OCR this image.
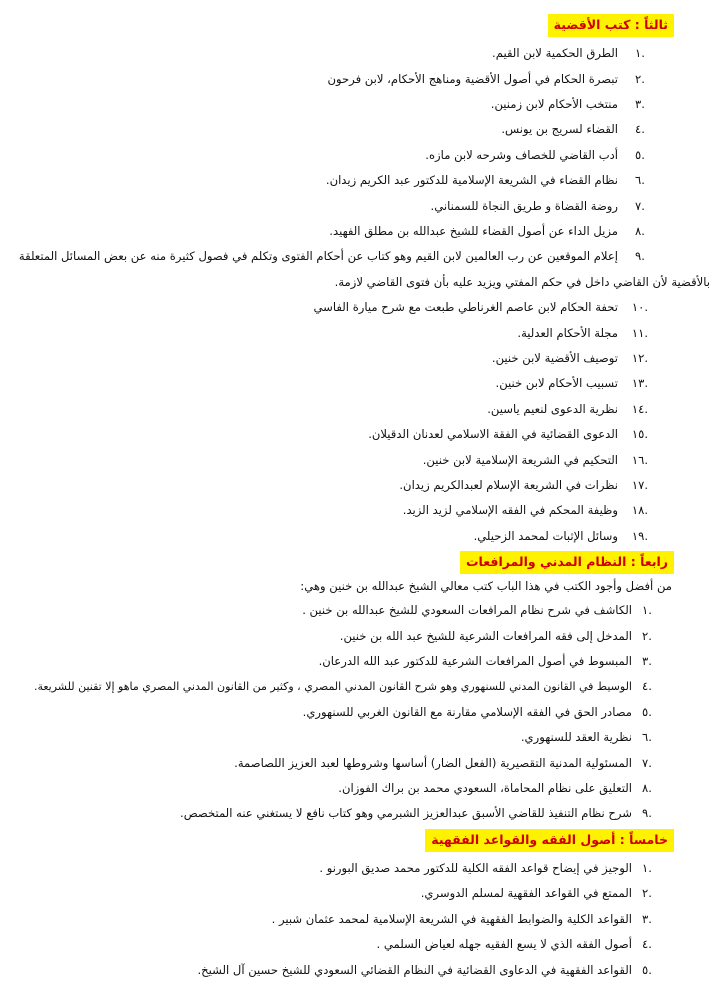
ثالثاً : كتب الأقضية
.١
الطرق الحكمية لابن القيم.
.٢
تبصرة الحكام في أصول الأقضية ومناهج الأحكام، لابن فرحون
.٣
منتخب الأحكام لابن زمنين.
.٤
القضاء لسريج بن يونس.
.٥
أدب القاضي للخصاف وشرحه لابن مازه.
.٦
نظام القضاء في الشريعة الإسلامية للدكتور عبد الكريم زيدان.
.٧
روضة القضاة و طريق النجاة للسمناني.
.٨
مزيل الداء عن أصول القضاء للشيخ عبدالله بن مطلق الفهيد.
.٩
إعلام الموقعين عن رب العالمين لابن القيم وهو كتاب عن أحكام الفتوى وتكلم في فصول كثيرة منه عن بعض المسائل المتعلقة
بالأقضية لأن القاضي داخل في حكم المفتي ويزيد عليه بأن فتوى القاضي لازمة.
.١٠
تحفة الحكام لابن عاصم الغرناطي طبعت مع شرح ميارة الفاسي
.١١
مجلة الأحكام العدلية.
.١٢
توصيف الأقضية لابن خنين.
.١٣
تسبيب الأحكام لابن خنين.
.١٤
نظرية الدعوى لنعيم ياسين.
.١٥
الدعوى القضائية في الفقة الاسلامي لعدنان الدقيلان.
.١٦
التحكيم في الشريعة الإسلامية لابن خنين.
.١٧
نظرات في الشريعة الإسلام لعبدالكريم زيدان.
.١٨
وظيفة المحكم في الفقه الإسلامي لزيد الزيد.
.١٩
وسائل الإثبات لمحمد الزحيلي.
رابعاً : النظام المدني والمرافعات
من أفضل وأجود الكتب في هذا الباب كتب معالي الشيخ عبدالله بن خنين وهي:
.١
الكاشف في شرح نظام المرافعات السعودي للشيخ عبدالله بن خنين .
.٢
المدخل إلى فقه المرافعات الشرعية للشيخ عبد الله بن خنين.
.٣
المبسوط في أصول المرافعات الشرعية للدكتور عبد الله الدرعان.
.٤
الوسيط في القانون المدني للسنهوري وهو شرح القانون المدني المصري ، وكثير من القانون المدني المصري ماهو إلا تقنين للشريعة.
.٥
مصادر الحق في الفقه الإسلامي مقارنة مع القانون الغربي للسنهوري.
.٦
نظرية العقد للسنهوري.
.٧
المسئولية المدنية التقصيرية (الفعل الضار) أساسها وشروطها لعبد العزيز اللصاصمة.
.٨
التعليق على نظام المحاماة، السعودي محمد بن براك الفوزان.
.٩
شرح نظام التنفيذ للقاضي الأسبق عبدالعزيز الشبرمي وهو كتاب نافع لا يستغني عنه المتخصص.
خامساً : أصول الفقه والقواعد الفقهية
.١
الوجيز في إيضاح قواعد الفقه الكلية للدكتور محمد صديق البورنو .
.٢
الممتع في القواعد الفقهية لمسلم الدوسري.
.٣
القواعد الكلية والضوابط الفقهية في الشريعة الإسلامية لمحمد عثمان شبير .
.٤
أصول الفقه الذي لا يسع الفقيه جهله لعياض السلمي .
.٥
القواعد الفقهية في الدعاوى القضائية في النظام القضائي السعودي للشيخ حسين آل الشيخ.
